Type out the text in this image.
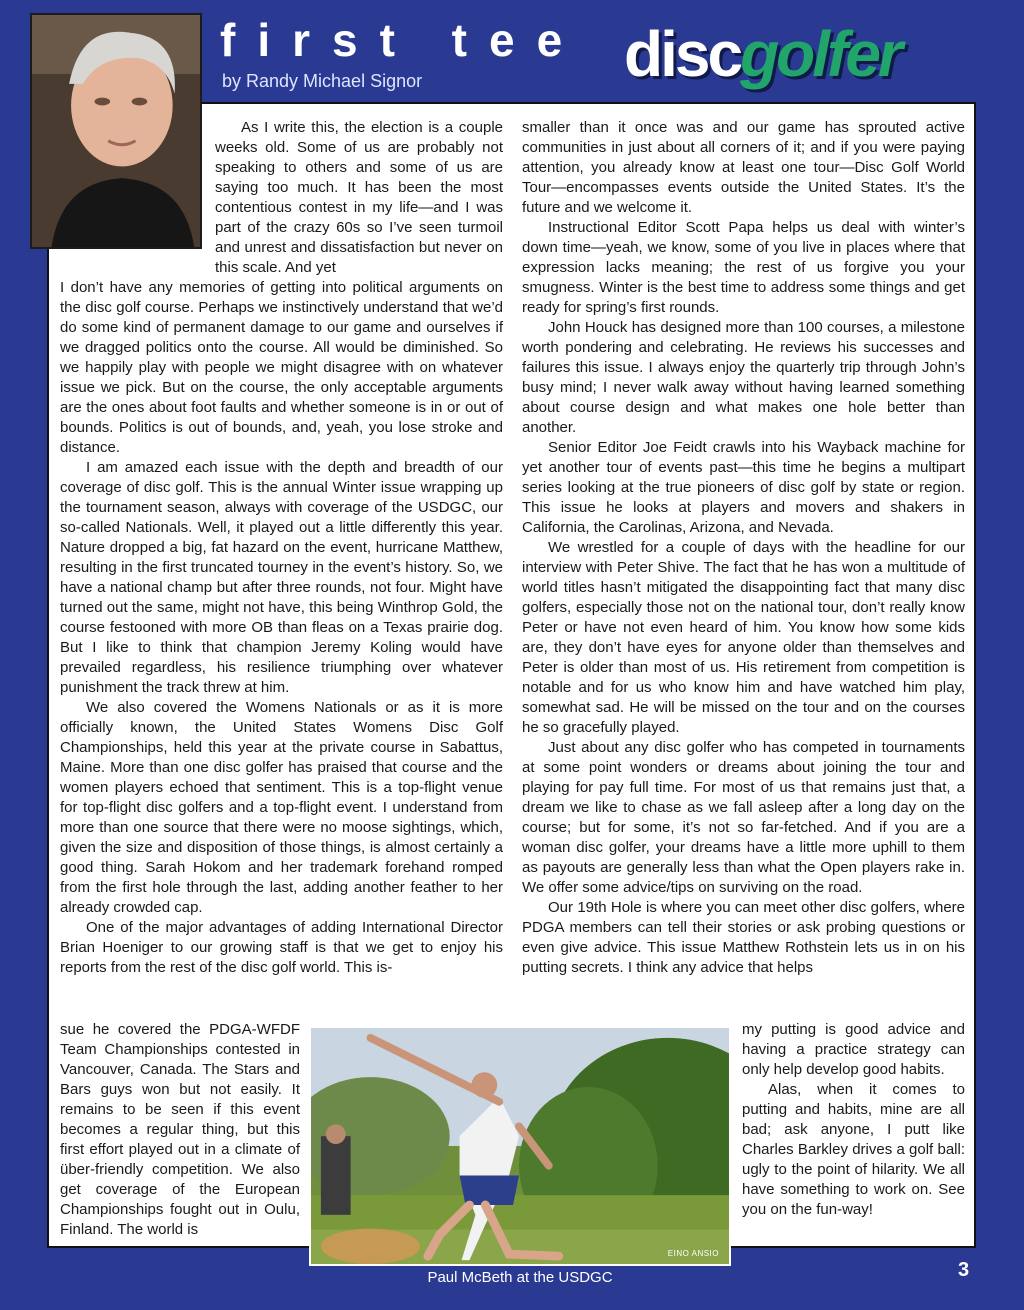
first tee
by Randy Michael Signor	discgolfer

As I write this, the election is a couple weeks old. Some of us are probably not speaking to others and some of us are saying too much. It has been the most contentious contest in my life—and I was part of the crazy 60s so I’ve seen turmoil and unrest and dissatisfaction but never on this scale. And yet

I don’t have any memories of getting into political arguments on the disc golf course. Perhaps we instinctively understand that we’d do some kind of permanent damage to our game and ourselves if we dragged politics onto the course. All would be diminished. So we happily play with people we might disagree with on whatever issue we pick. But on the course, the only acceptable arguments are the ones about foot faults and whether someone is in or out of bounds. Politics is out of bounds, and, yeah, you lose stroke and distance.

I am amazed each issue with the depth and breadth of our coverage of disc golf. This is the annual Winter issue wrapping up the tournament season, always with coverage of the USDGC, our so-called Nationals. Well, it played out a little differently this year. Nature dropped a big, fat hazard on the event, hurricane Matthew, resulting in the first truncated tourney in the event’s history. So, we have a national champ but after three rounds, not four. Might have turned out the same, might not have, this being Winthrop Gold, the course festooned with more OB than fleas on a Texas prairie dog. But I like to think that champion Jeremy Koling would have prevailed regardless, his resilience triumphing over whatever punishment the track threw at him.

We also covered the Womens Nationals or as it is more officially known, the United States Womens Disc Golf Championships, held this year at the private course in Sabattus, Maine. More than one disc golfer has praised that course and the women players echoed that sentiment. This is a top-flight venue for top-flight disc golfers and a top-flight event. I understand from more than one source that there were no moose sightings, which, given the size and disposition of those things, is almost certainly a good thing. Sarah Hokom and her trademark forehand romped from the first hole through the last, adding another feather to her already crowded cap.

One of the major advantages of adding International Director Brian Hoeniger to our growing staff is that we get to enjoy his reports from the rest of the disc golf world. This is-

sue he covered the PDGA-WFDF Team Championships contested in Vancouver, Canada. The Stars and Bars guys won but not easily. It remains to be seen if this event becomes a regular thing, but this first effort played out in a climate of über-friendly competition. We also get coverage of the European Championships fought out in Oulu, Finland. The world is

smaller than it once was and our game has sprouted active communities in just about all corners of it; and if you were paying attention, you already know at least one tour—Disc Golf World Tour—encompasses events outside the United States. It’s the future and we welcome it.

Instructional Editor Scott Papa helps us deal with winter’s down time—yeah, we know, some of you live in places where that expression lacks meaning; the rest of us forgive you your smugness. Winter is the best time to address some things and get ready for spring’s first rounds.

John Houck has designed more than 100 courses, a milestone worth pondering and celebrating. He reviews his successes and failures this issue. I always enjoy the quarterly trip through John’s busy mind; I never walk away without having learned something about course design and what makes one hole better than another.

Senior Editor Joe Feidt crawls into his Wayback machine for yet another tour of events past—this time he begins a multipart series looking at the true pioneers of disc golf by state or region. This issue he looks at players and movers and shakers in California, the Carolinas, Arizona, and Nevada.

We wrestled for a couple of days with the headline for our interview with Peter Shive. The fact that he has won a multitude of world titles hasn’t mitigated the disappointing fact that many disc golfers, especially those not on the national tour, don’t really know Peter or have not even heard of him. You know how some kids are, they don’t have eyes for anyone older than themselves and Peter is older than most of us. His retirement from competition is notable and for us who know him and have watched him play, somewhat sad. He will be missed on the tour and on the courses he so gracefully played.

Just about any disc golfer who has competed in tournaments at some point wonders or dreams about joining the tour and playing for pay full time. For most of us that remains just that, a dream we like to chase as we fall asleep after a long day on the course; but for some, it’s not so far-fetched. And if you are a woman disc golfer, your dreams have a little more uphill to them as payouts are generally less than what the Open players rake in. We offer some advice/tips on surviving on the road.

Our 19th Hole is where you can meet other disc golfers, where PDGA members can tell their stories or ask probing questions or even give advice. This issue Matthew Rothstein lets us in on his putting secrets. I think any advice that helps

my putting is good advice and having a practice strategy can only help develop good habits.

Alas, when it comes to putting and habits, mine are all bad; ask anyone, I putt like Charles Barkley drives a golf ball: ugly to the point of hilarity. We all have something to work on. See you on the fun-way!

EINO ANSIO
Paul McBeth at the USDGC	3
